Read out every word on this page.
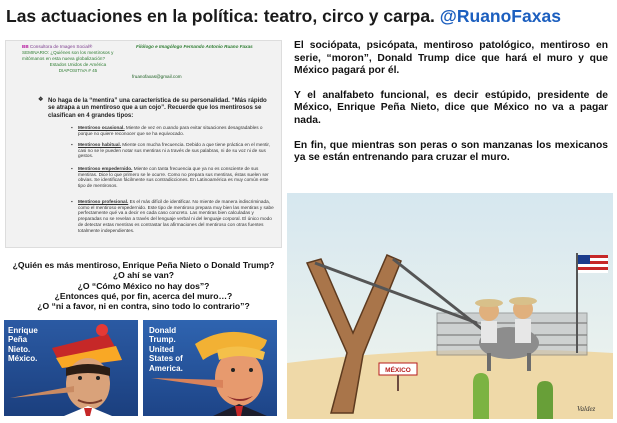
Las actuaciones en la política: teatro, circo y carpa. @RuanoFaxas
BB Consultora de Imagen Social®
SEMINARIO: ¿Quiénes son los mentirosos y mitómanos en esta nueva globalización?
Estados Unidos de América
DIAPOSITIVA # 45
Filólogo e Imagólogo Fernando Antonio Ruano Faxas
fruanofaxas@gmail.com
❖ No haga de la “mentira” una característica de su personalidad. “Más rápido se atrapa a un mentiroso que a un cojo”. Recuerde que los mentirosos se clasifican en 4 grandes tipos:
▪ Mentiroso ocasional. Miente de vez en cuando para evitar situaciones desagradables o porque no quiere reconocer que se ha equivocado.
▪ Mentiroso habitual. Miente con mucha frecuencia. Debido a que tiene práctica en el mentir, casi no se le pueden notar sus mentiras ni a través de sus palabras, ni de su voz ni de sus gestos.
▪ Mentiroso empedernido. Miente con tanta frecuencia que ya no es consciente de sus mentiras. Dice lo que primero se le ocurre. Como no prepara sus mentiras, éstas suelen ser obvias. Se identifican fácilmente sus contradicciones. En Latinoamérica es muy común este tipo de mentirosos.
▪ Mentiroso profesional. Es el más difícil de identificar. No miente de manera indiscriminada, como el mentiroso empedernido. Este tipo de mentiroso prepara muy bien las mentiras y sabe perfectamente qué va a decir en cada caso concreto. Las mentiras bien calculadas y preparadas no se revelan a través del lenguaje verbal ni del lenguaje corporal. El único modo de detectar estas mentiras es contrastar las afirmaciones del mentiroso con otras fuentes totalmente independientes.
¿Quién es más mentiroso, Enrique Peña Nieto o Donald Trump?
¿O ahí se van?
¿O “Cómo México no hay dos”?
¿Entonces qué, por fin, acerca del muro…?
¿O “ni a favor, ni en contra, sino todo lo contrario”?
Enrique
Peña
Nieto.
México.
Donald
Trump.
United
States of
America.

El sociópata, psicópata, mentiroso patológico, mentiroso en serie, “moron”, Donald Trump dice que hará el muro y que México pagará por él.

Y el analfabeto funcional, es decir estúpido, presidente de México, Enrique Peña Nieto, dice que México no va a pagar nada.

En fin, que mientras son peras o son manzanas los mexicanos ya se están entrenando para cruzar el muro.

MÉXICO
Valdez
